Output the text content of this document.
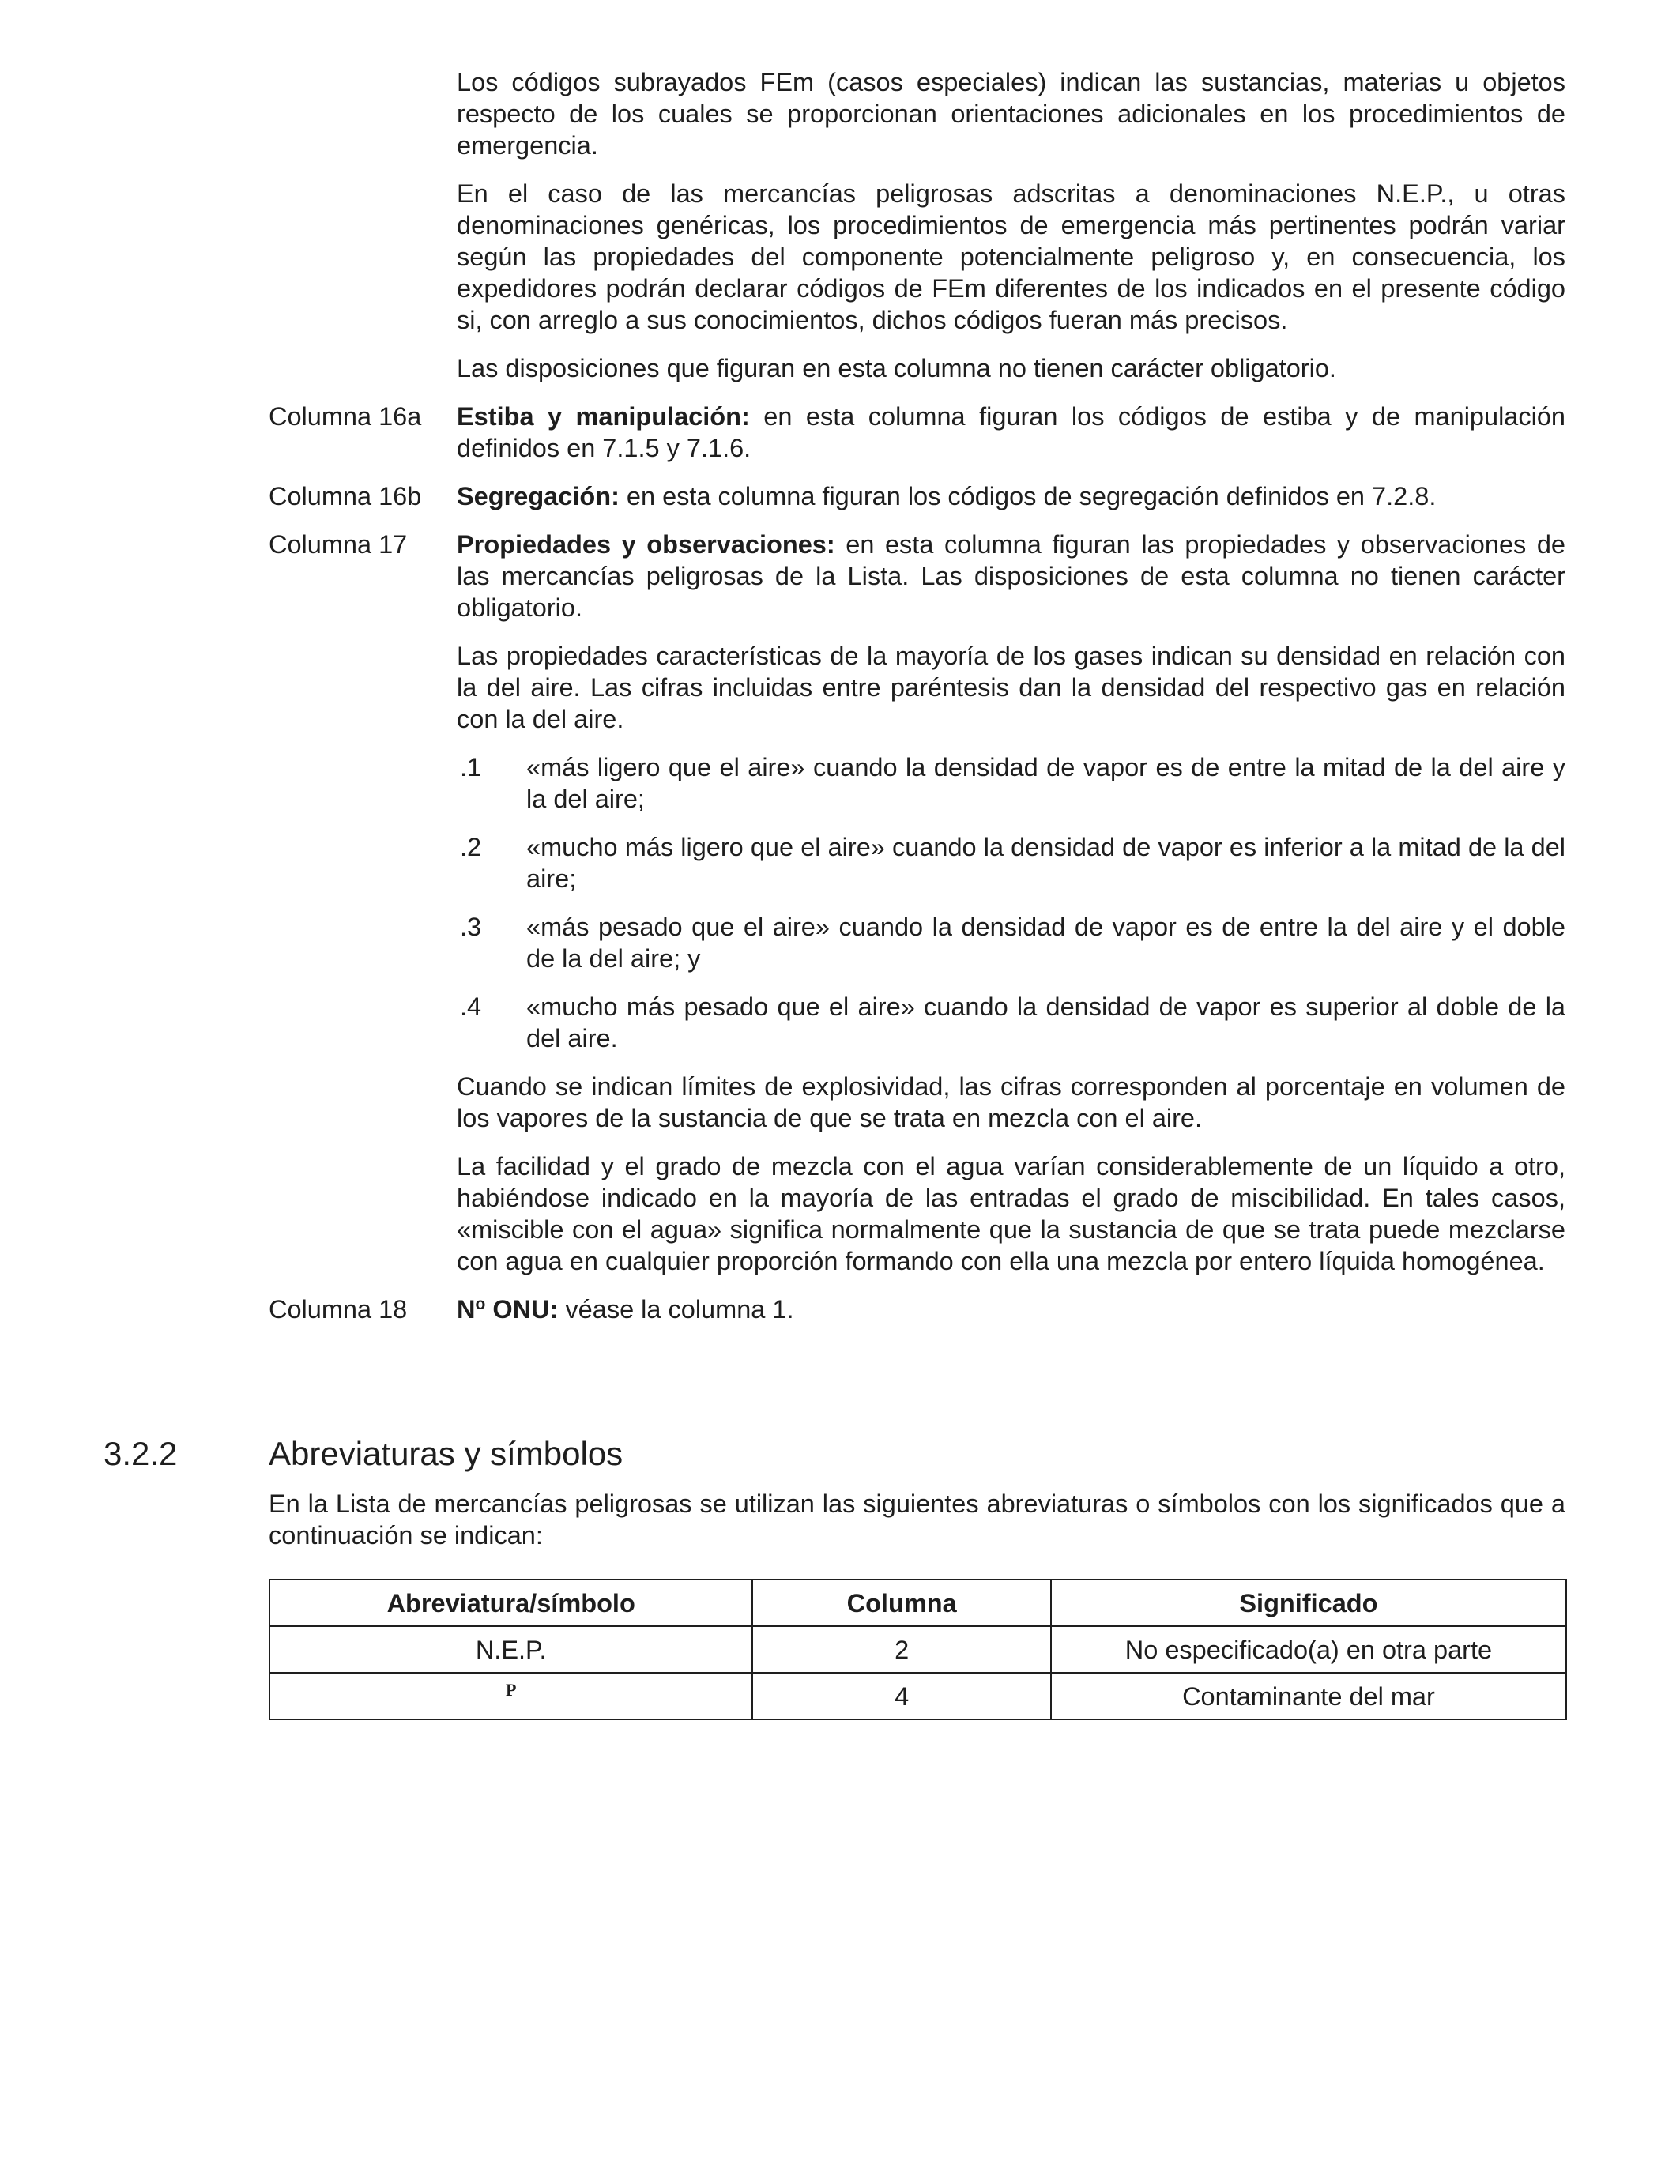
Los códigos subrayados FEm (casos especiales) indican las sustancias, materias u objetos respecto de los cuales se proporcionan orientaciones adicionales en los procedimientos de emergencia.

En el caso de las mercancías peligrosas adscritas a denominaciones N.E.P., u otras denominaciones genéricas, los procedimientos de emergencia más pertinentes podrán variar según las propiedades del componente potencialmente peligroso y, en consecuencia, los expedidores podrán declarar códigos de FEm diferentes de los indicados en el presente código si, con arreglo a sus conocimientos, dichos códigos fueran más precisos.

Las disposiciones que figuran en esta columna no tienen carácter obligatorio.

Columna 16a	Estiba y manipulación: en esta columna figuran los códigos de estiba y de manipulación definidos en 7.1.5 y 7.1.6.

Columna 16b	Segregación: en esta columna figuran los códigos de segregación definidos en 7.2.8.

Columna 17	Propiedades y observaciones: en esta columna figuran las propiedades y observaciones de las mercancías peligrosas de la Lista. Las disposiciones de esta columna no tienen carácter obligatorio.

Las propiedades características de la mayoría de los gases indican su densidad en relación con la del aire. Las cifras incluidas entre paréntesis dan la densidad del respectivo gas en relación con la del aire.

.1 «más ligero que el aire» cuando la densidad de vapor es de entre la mitad de la del aire y la del aire;
.2 «mucho más ligero que el aire» cuando la densidad de vapor es inferior a la mitad de la del aire;
.3 «más pesado que el aire» cuando la densidad de vapor es de entre la del aire y el doble de la del aire; y
.4 «mucho más pesado que el aire» cuando la densidad de vapor es superior al doble de la del aire.

Cuando se indican límites de explosividad, las cifras corresponden al porcentaje en volumen de los vapores de la sustancia de que se trata en mezcla con el aire.

La facilidad y el grado de mezcla con el agua varían considerablemente de un líquido a otro, habiéndose indicado en la mayoría de las entradas el grado de miscibilidad. En tales casos, «miscible con el agua» significa normalmente que la sustancia de que se trata puede mezclarse con agua en cualquier proporción formando con ella una mezcla por entero líquida homogénea.

Columna 18	$N^o$ ONU: véase la columna 1.

3.2.2	Abreviaturas y símbolos

En la Lista de mercancías peligrosas se utilizan las siguientes abreviaturas o símbolos con los significados que a continuación se indican:

Abreviatura/símbolo	Columna	Significado
N.E.P.	2	No especificado(a) en otra parte
$^P$	4	Contaminante del mar
